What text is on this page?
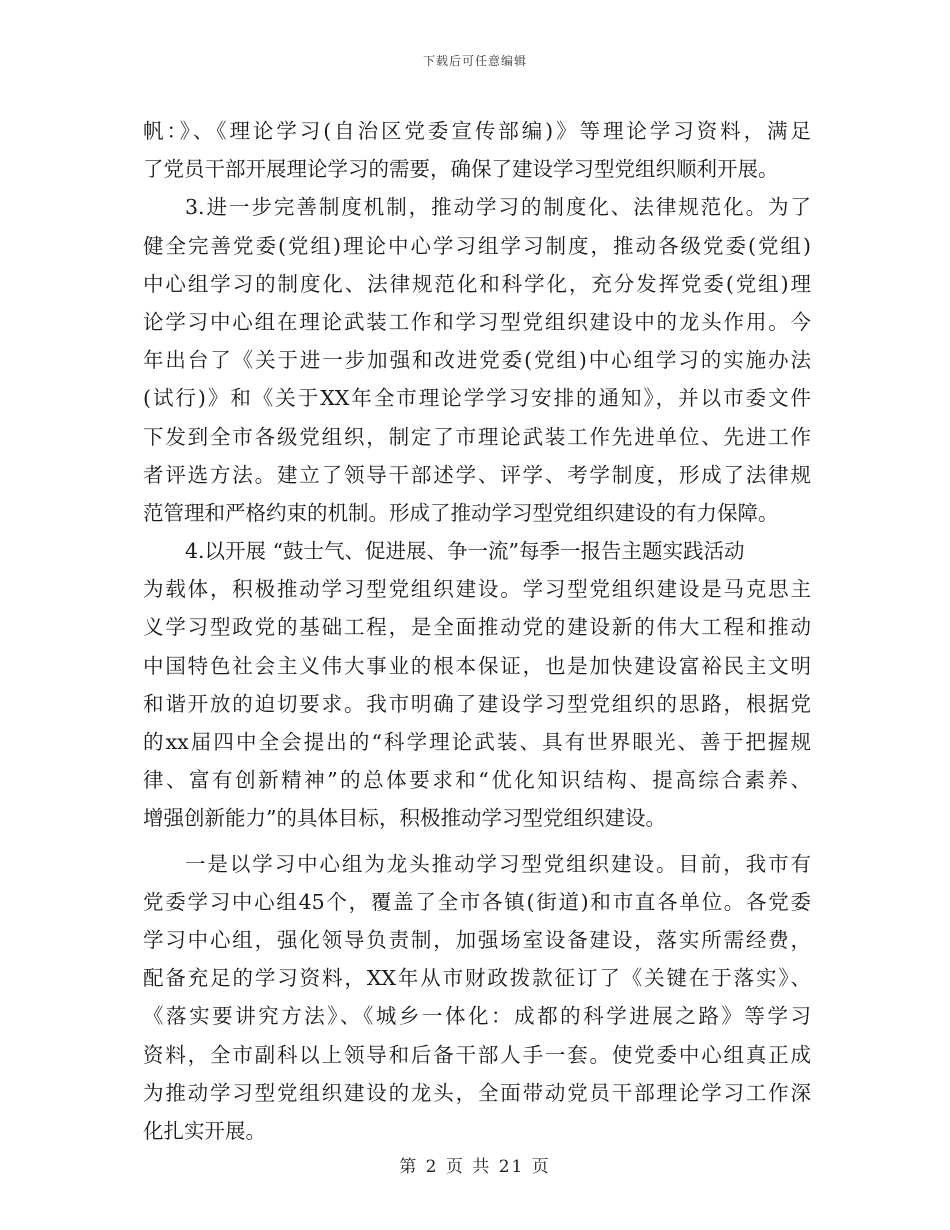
下载后可任意编辑
帆：》、《理论学习(自治区党委宣传部编)》等理论学习资料，满足
了党员干部开展理论学习的需要，确保了建设学习型党组织顺利开展。
3.进一步完善制度机制，推动学习的制度化、法律规范化。为了
健全完善党委(党组)理论中心学习组学习制度，推动各级党委(党组)
中心组学习的制度化、法律规范化和科学化，充分发挥党委(党组)理
论学习中心组在理论武装工作和学习型党组织建设中的龙头作用。今
年出台了《关于进一步加强和改进党委(党组)中心组学习的实施办法
(试行)》和《关于XX年全市理论学学习安排的通知》，并以市委文件
下发到全市各级党组织，制定了市理论武装工作先进单位、先进工作
者评选方法。建立了领导干部述学、评学、考学制度，形成了法律规
范管理和严格约束的机制。形成了推动学习型党组织建设的有力保障。
4.以开展 “鼓士气、促进展、争一流”每季一报告主题实践活动
为载体，积极推动学习型党组织建设。学习型党组织建设是马克思主
义学习型政党的基础工程，是全面推动党的建设新的伟大工程和推动
中国特色社会主义伟大事业的根本保证，也是加快建设富裕民主文明
和谐开放的迫切要求。我市明确了建设学习型党组织的思路，根据党
的xx届四中全会提出的“科学理论武装、具有世界眼光、善于把握规
律、富有创新精神”的总体要求和“优化知识结构、提高综合素养、
增强创新能力”的具体目标，积极推动学习型党组织建设。
一是以学习中心组为龙头推动学习型党组织建设。目前，我市有
党委学习中心组45个，覆盖了全市各镇(街道)和市直各单位。各党委
学习中心组，强化领导负责制，加强场室设备建设，落实所需经费，
配备充足的学习资料，XX年从市财政拨款征订了《关键在于落实》、
《落实要讲究方法》、《城乡一体化：成都的科学进展之路》等学习
资料，全市副科以上领导和后备干部人手一套。使党委中心组真正成
为推动学习型党组织建设的龙头，全面带动党员干部理论学习工作深
化扎实开展。
第 2 页 共 21 页
